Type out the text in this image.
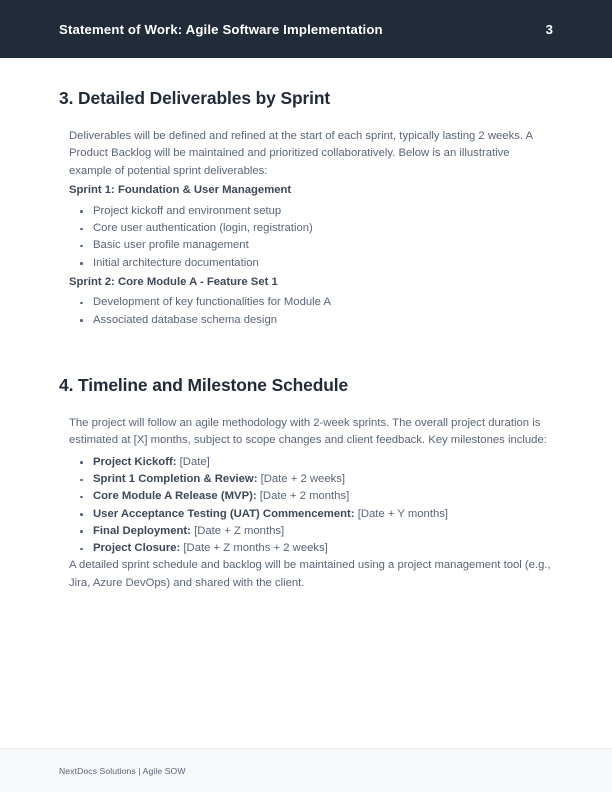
Statement of Work: Agile Software Implementation	3
3. Detailed Deliverables by Sprint

Deliverables will be defined and refined at the start of each sprint, typically lasting 2 weeks. A Product Backlog will be maintained and prioritized collaboratively. Below is an illustrative example of potential sprint deliverables:

Sprint 1: Foundation & User Management

Project kickoff and environment setup
Core user authentication (login, registration)
Basic user profile management
Initial architecture documentation

Sprint 2: Core Module A - Feature Set 1

Development of key functionalities for Module A
Associated database schema design
4. Timeline and Milestone Schedule

The project will follow an agile methodology with 2-week sprints. The overall project duration is estimated at [X] months, subject to scope changes and client feedback. Key milestones include:

Project Kickoff: [Date]
Sprint 1 Completion & Review: [Date + 2 weeks]
Core Module A Release (MVP): [Date + 2 months]
User Acceptance Testing (UAT) Commencement: [Date + Y months]
Final Deployment: [Date + Z months]
Project Closure: [Date + Z months + 2 weeks]

A detailed sprint schedule and backlog will be maintained using a project management tool (e.g., Jira, Azure DevOps) and shared with the client.

NextDocs Solutions | Agile SOW
